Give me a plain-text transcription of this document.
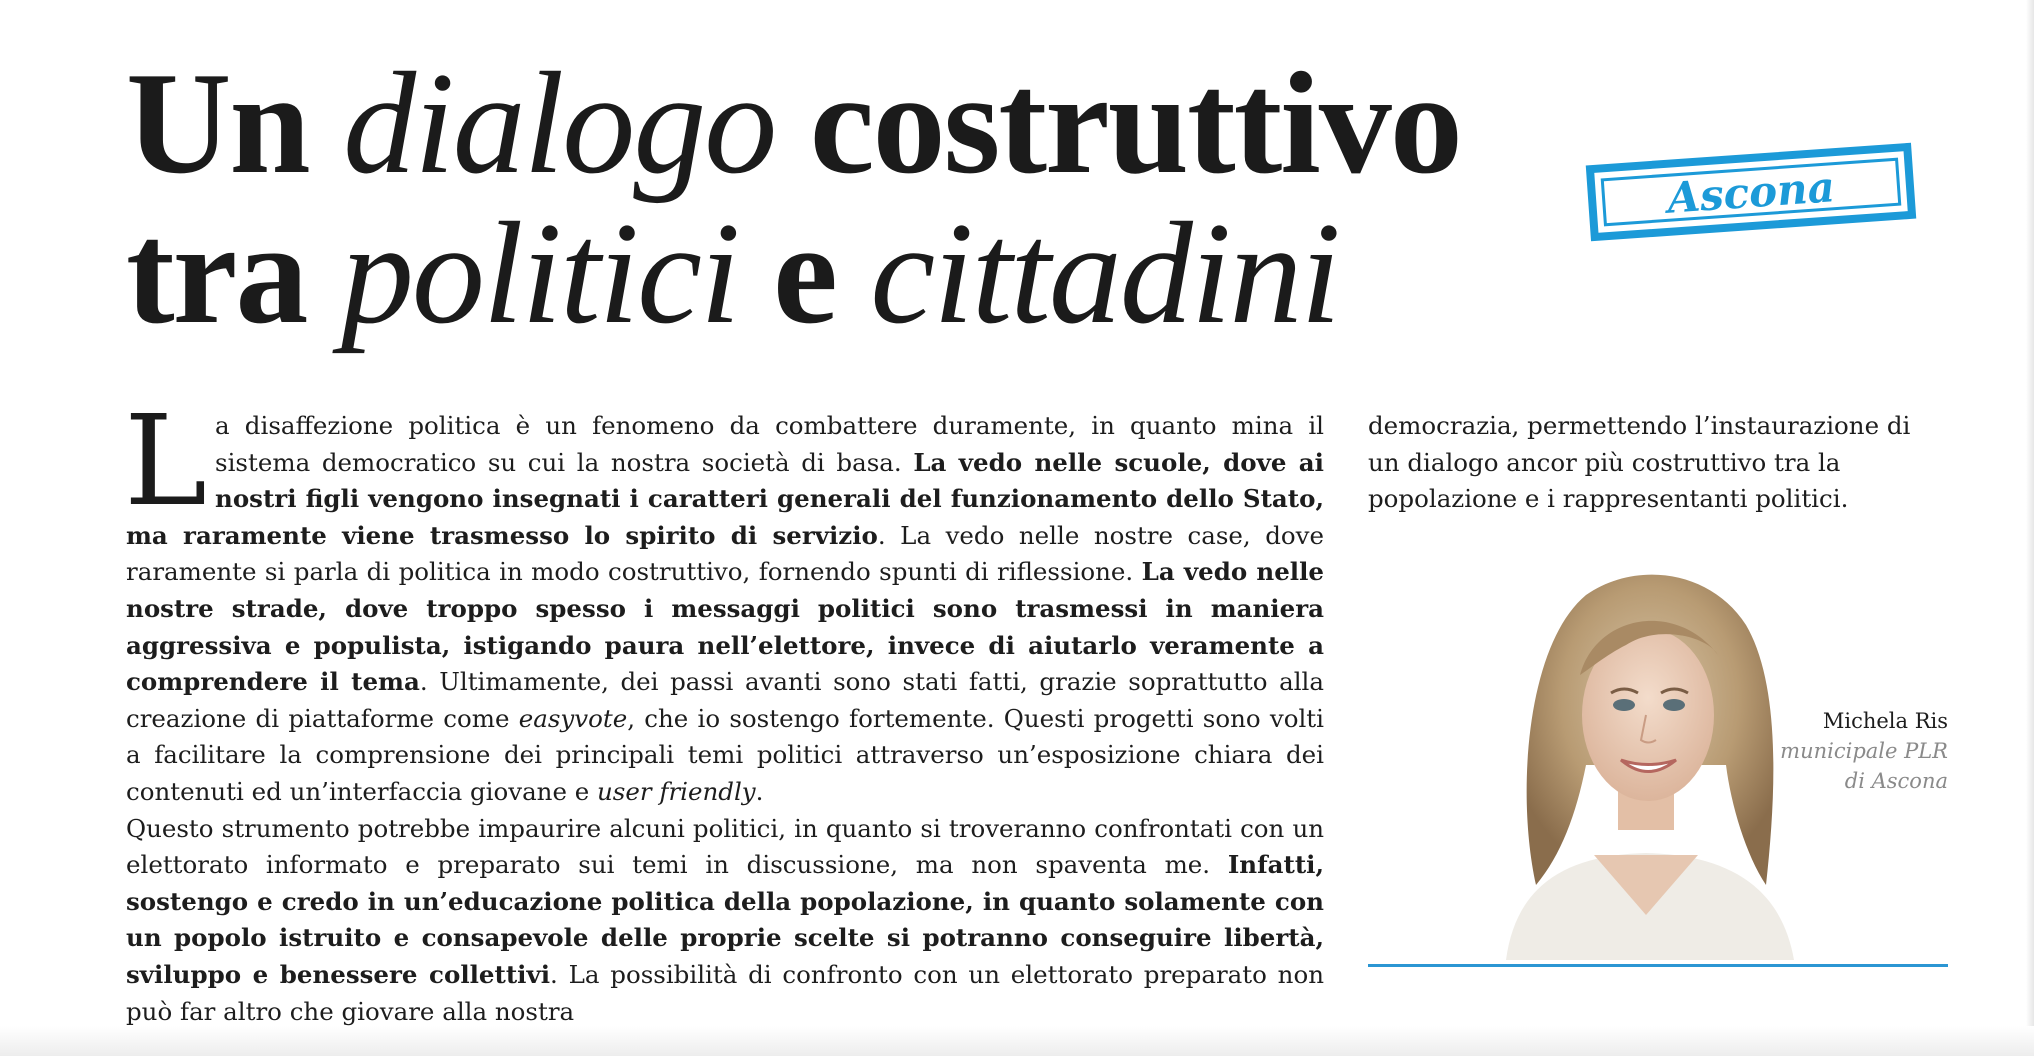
Un dialogo costruttivo
tra politici e cittadini	Ascona

La disaffezione politica è un fenomeno da combattere duramente, in quanto mina il sistema democratico su cui la nostra società di basa. La vedo nelle scuole, dove ai nostri figli vengono insegnati i caratteri generali del funzionamento dello Stato, ma raramente viene trasmesso lo spirito di servizio. La vedo nelle nostre case, dove raramente si parla di politica in modo costruttivo, fornendo spunti di riflessione. La vedo nelle nostre strade, dove troppo spesso i messaggi politici sono trasmessi in maniera aggressiva e populista, istigando paura nell’elettore, invece di aiutarlo veramente a comprendere il tema. Ultimamente, dei passi avanti sono stati fatti, grazie soprattutto alla creazione di piattaforme come easyvote, che io sostengo fortemente. Questi progetti sono volti a facilitare la comprensione dei principali temi politici attraverso un’esposizione chiara dei contenuti ed un’interfaccia giovane e user friendly.

Questo strumento potrebbe impaurire alcuni politici, in quanto si troveranno confrontati con un elettorato informato e preparato sui temi in discussione, ma non spaventa me. Infatti, sostengo e credo in un’educazione politica della popolazione, in quanto solamente con un popolo istruito e consapevole delle proprie scelte si potranno conseguire libertà, sviluppo e benessere collettivi. La possibilità di confronto con un elettorato preparato non può far altro che giovare alla nostra

democrazia, permettendo l’instaurazione di un dialogo ancor più costruttivo tra la popolazione e i rappresentanti politici.

Michela Ris
municipale PLR
di Ascona
